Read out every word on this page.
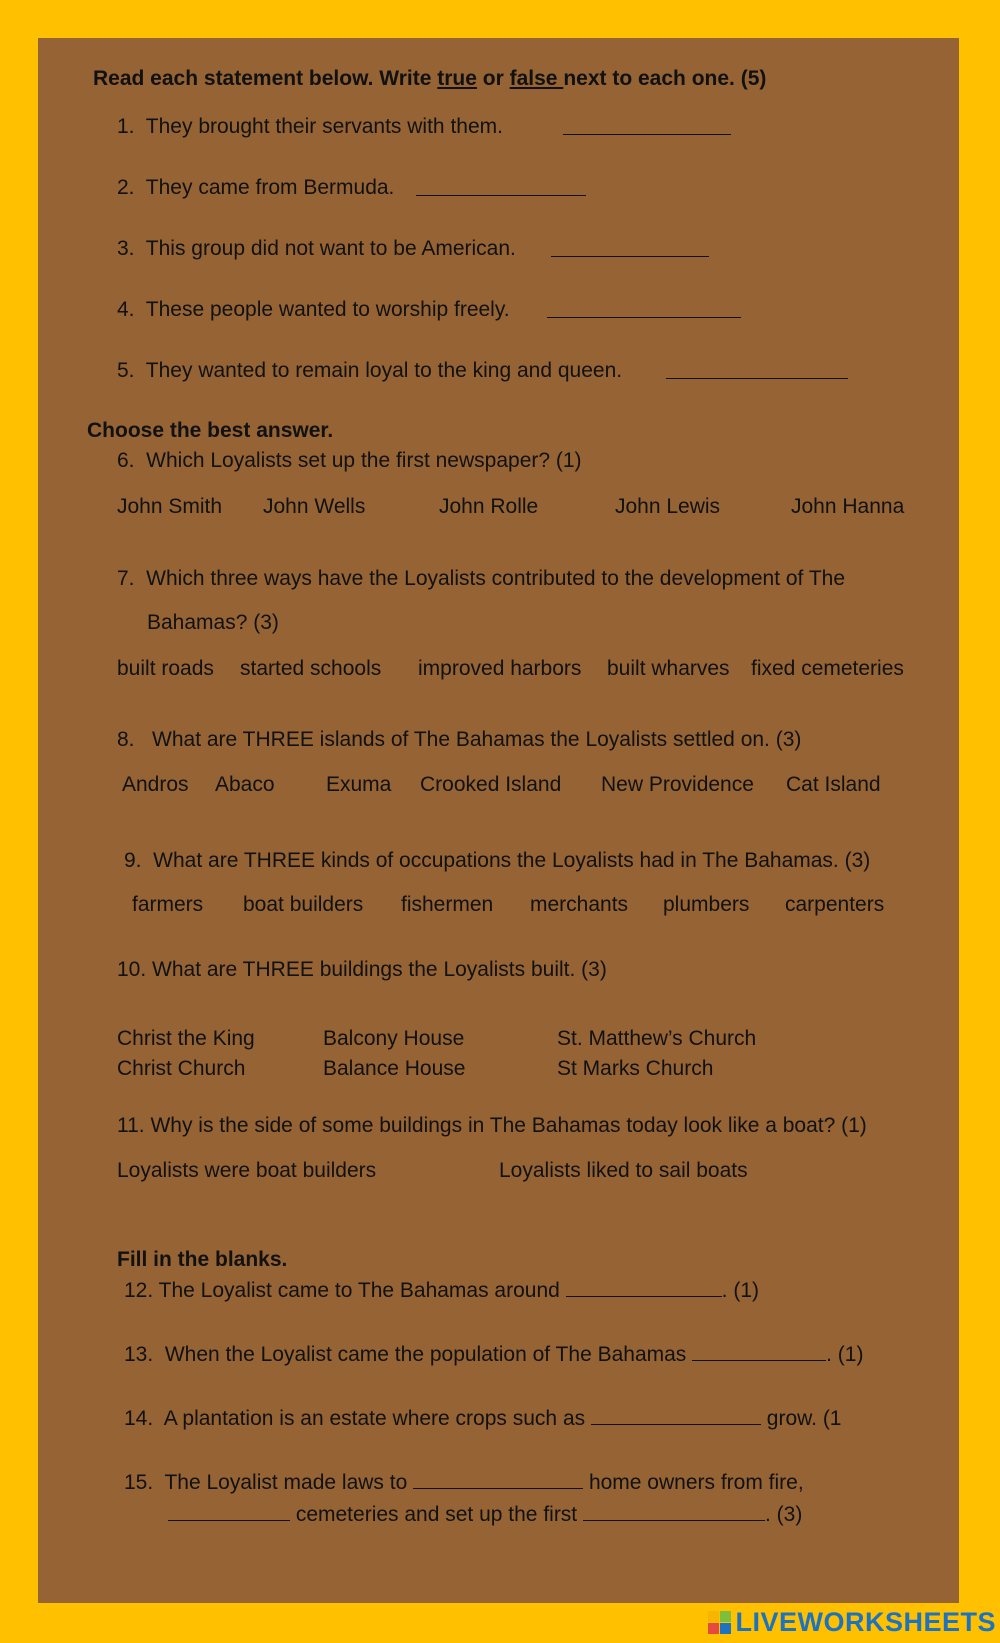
Read each statement below. Write true or false next to each one. (5)
1.  They brought their servants with them.
2.  They came from Bermuda.
3.  This group did not want to be American.
4.  These people wanted to worship freely.
5.  They wanted to remain loyal to the king and queen.
Choose the best answer.
6.  Which Loyalists set up the first newspaper? (1)
John Smith John Wells	John Rolle	John Lewis	John Hanna
7.  Which three ways have the Loyalists contributed to the development of The
Bahamas? (3)
built roads started schools improved harbors built wharves fixed cemeteries
8.   What are THREE islands of The Bahamas the Loyalists settled on. (3)
Andros Abaco Exuma Crooked Island New Providence Cat Island
9.  What are THREE kinds of occupations the Loyalists had in The Bahamas. (3)
farmers boat builders fishermen merchants plumbers carpenters
10. What are THREE buildings the Loyalists built. (3)
Christ the King	Balcony House	St. Matthew’s Church
Christ Church	Balance House	St Marks Church
11. Why is the side of some buildings in The Bahamas today look like a boat? (1)
Loyalists were boat builders	Loyalists liked to sail boats
Fill in the blanks.
12. The Loyalist came to The Bahamas around	. (1)
13.  When the Loyalist came the population of The Bahamas	. (1)
14.  A plantation is an estate where crops such as	grow. (1
15.  The Loyalist made laws to	home owners from fire,
cemeteries and set up the first	. (3)
LIVEWORKSHEETS
